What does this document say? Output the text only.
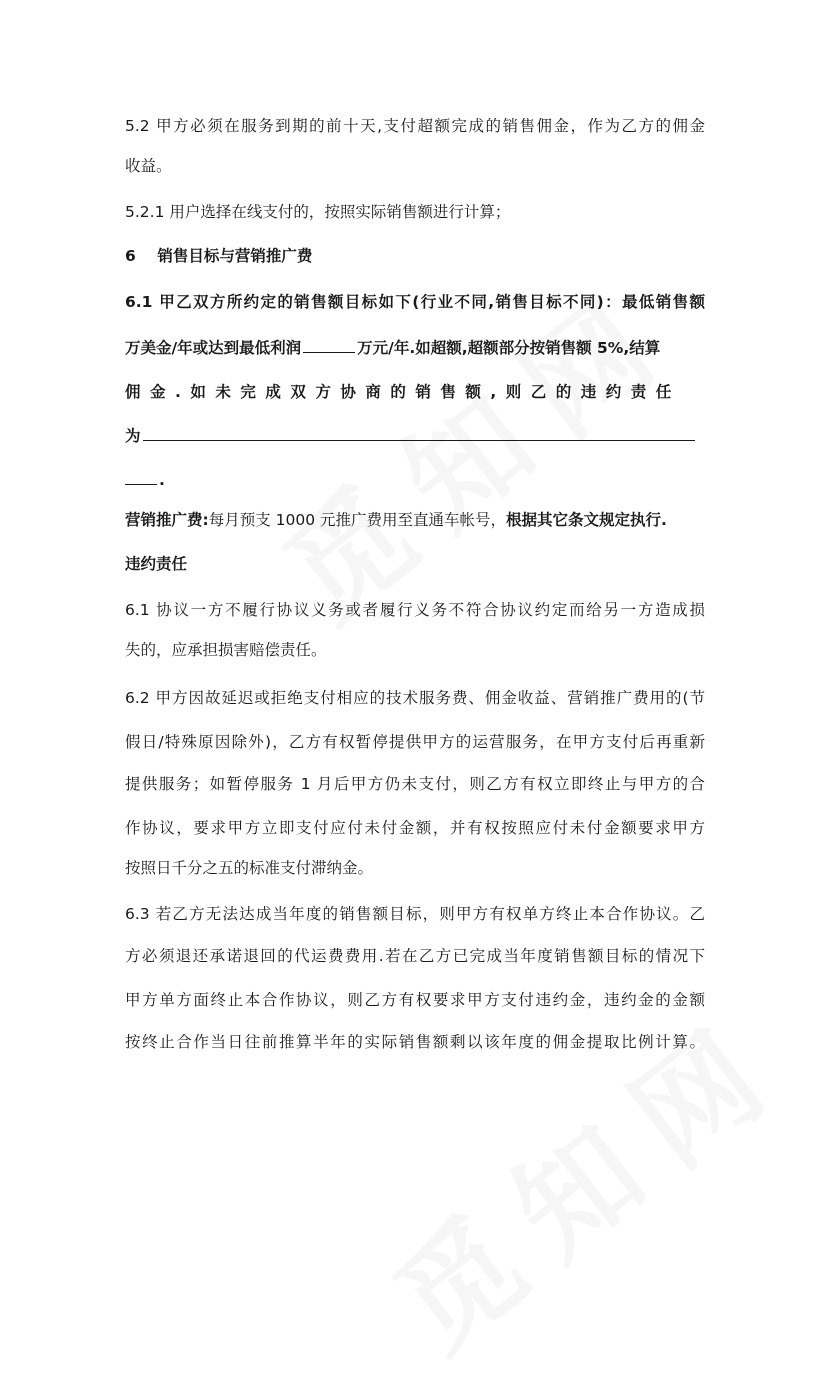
5.2 甲方必须在服务到期的前十天,支付超额完成的销售佣金，作为乙方的佣金
收益。
5.2.1 用户选择在线支付的，按照实际销售额进行计算；
6    销售目标与营销推广费
6.1 甲乙双方所约定的销售额目标如下(行业不同,销售目标不同)：最低销售额
万美金/年或达到最低利润	万元/年.如超额,超额部分按销售额 5%,结算
佣金.如未完成双方协商的销售额,则乙的违约责任
为
.
营销推广费:每月预支 1000 元推广费用至直通车帐号，根据其它条文规定执行.
违约责任
6.1 协议一方不履行协议义务或者履行义务不符合协议约定而给另一方造成损
失的，应承担损害赔偿责任。
6.2 甲方因故延迟或拒绝支付相应的技术服务费、佣金收益、营销推广费用的(节
假日/特殊原因除外)，乙方有权暂停提供甲方的运营服务，在甲方支付后再重新
提供服务；如暂停服务 1 月后甲方仍未支付，则乙方有权立即终止与甲方的合
作协议，要求甲方立即支付应付未付金额，并有权按照应付未付金额要求甲方
按照日千分之五的标准支付滞纳金。
6.3 若乙方无法达成当年度的销售额目标，则甲方有权单方终止本合作协议。乙
方必须退还承诺退回的代运费费用.若在乙方已完成当年度销售额目标的情况下
甲方单方面终止本合作协议，则乙方有权要求甲方支付违约金，违约金的金额
按终止合作当日往前推算半年的实际销售额剩以该年度的佣金提取比例计算。
